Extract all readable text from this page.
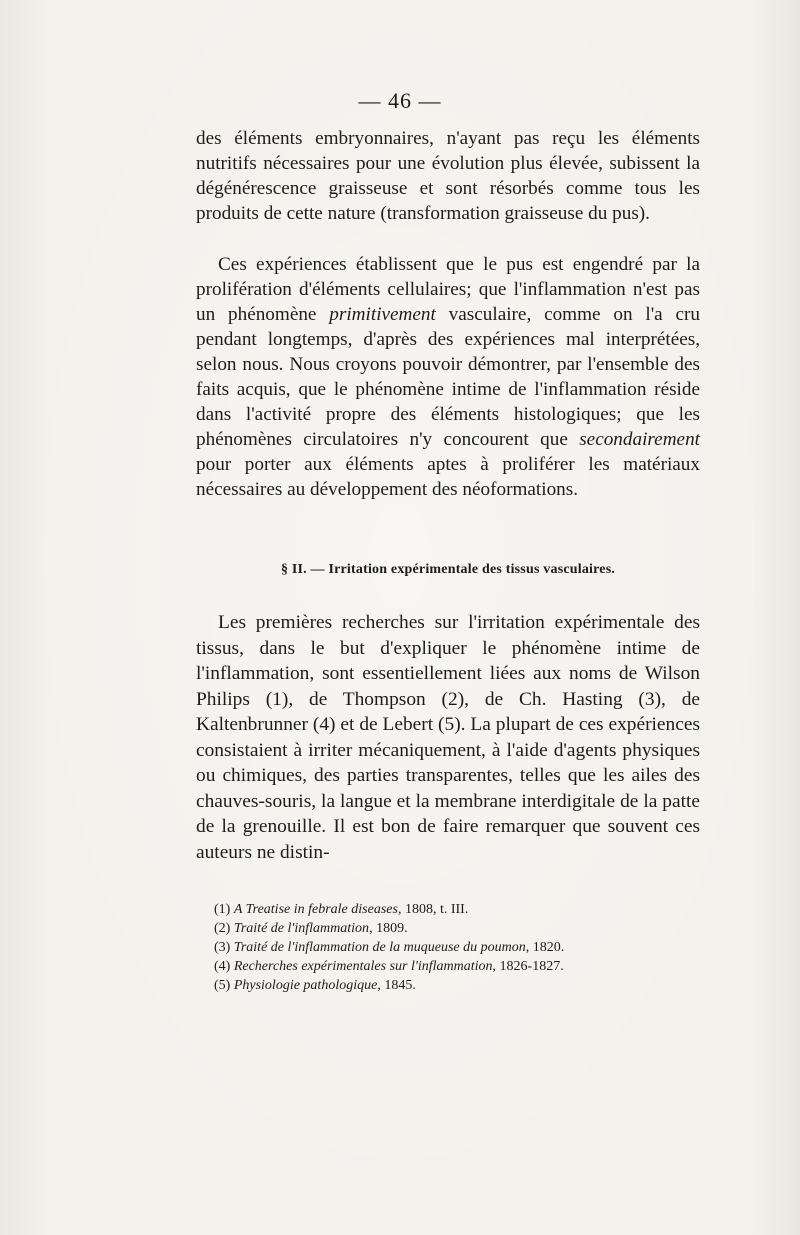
— 46 —

des éléments embryonnaires, n'ayant pas reçu les éléments nutritifs nécessaires pour une évolution plus élevée, subissent la dégénérescence graisseuse et sont résorbés comme tous les produits de cette nature (transformation graisseuse du pus).

Ces expériences établissent que le pus est engendré par la prolifération d'éléments cellulaires; que l'inflammation n'est pas un phénomène primitivement vasculaire, comme on l'a cru pendant longtemps, d'après des expériences mal interprétées, selon nous. Nous croyons pouvoir démontrer, par l'ensemble des faits acquis, que le phénomène intime de l'inflammation réside dans l'activité propre des éléments histologiques; que les phénomènes circulatoires n'y concourent que secondairement pour porter aux éléments aptes à proliférer les matériaux nécessaires au développement des néoformations.

§ II. — Irritation expérimentale des tissus vasculaires.

Les premières recherches sur l'irritation expérimentale des tissus, dans le but d'expliquer le phénomène intime de l'inflammation, sont essentiellement liées aux noms de Wilson Philips (1), de Thompson (2), de Ch. Hasting (3), de Kaltenbrunner (4) et de Lebert (5). La plupart de ces expériences consistaient à irriter mécaniquement, à l'aide d'agents physiques ou chimiques, des parties transparentes, telles que les ailes des chauves-souris, la langue et la membrane interdigitale de la patte de la grenouille. Il est bon de faire remarquer que souvent ces auteurs ne distin-

(1) A Treatise in febrale diseases, 1808, t. III.
(2) Traité de l'inflammation, 1809.
(3) Traité de l'inflammation de la muqueuse du poumon, 1820.
(4) Recherches expérimentales sur l'inflammation, 1826-1827.
(5) Physiologie pathologique, 1845.
